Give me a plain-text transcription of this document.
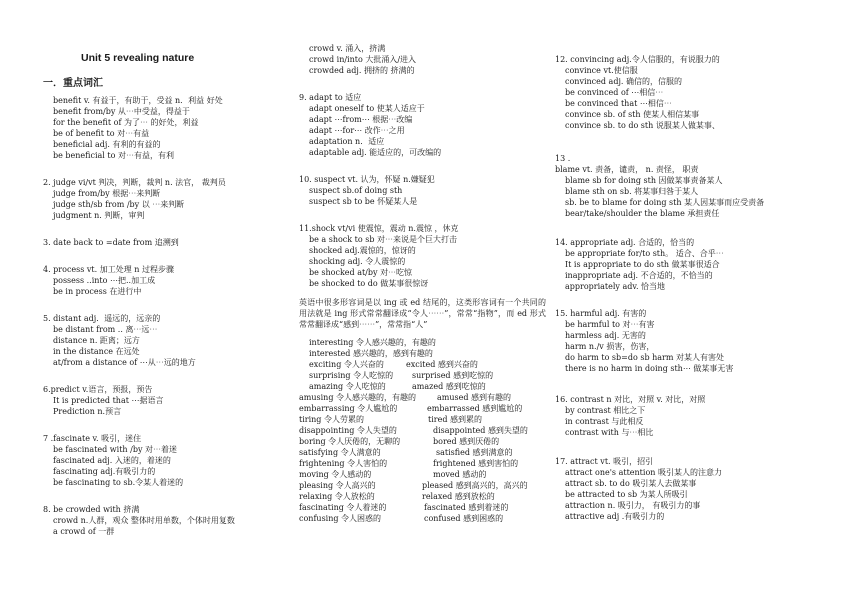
Unit 5 revealing nature
一．重点词汇
benefit v. 有益于，有助于，受益 n．利益 好处
benefit from/by 从⋯中受益，得益于
for the benefit of 为了⋯ 的好处，利益
be of benefit to 对⋯有益
beneficial adj. 有利的有益的
be beneficial to 对⋯有益，有利
2. judge vi/vt 判决，判断，裁判 n. 法官， 裁判员
judge from/by 根据⋯来判断
judge sth/sb from /by 以 ⋯来判断
judgment n. 判断，审判
3. date back to =date from 追溯到
4. process vt. 加工处理 n 过程步骤
possess ..into ⋯把..加工成
be in process 在进行中
5. distant adj．遥远的，远亲的
be distant from .. 离⋯远⋯
distance n. 距离；远方
in the distance 在远处
at/from a distance of ⋯从⋯远的地方
6.predict v.语言，预报，预告
It is predicted that ⋯据语言
Prediction n.预言
7 .fascinate v. 吸引，迷住
be fascinated with /by 对⋯着迷
fascinated adj. 入迷的，着迷的
fascinating adj.有吸引力的
be fascinating to sb.令某人着迷的
8. be crowded with 挤满
crowd n.人群，观众 整体时用单数，个体时用复数
a crowd of 一群
crowd v. 涌入，挤满
crowd in/into 大批涌入/进入
crowded adj. 拥挤的 挤满的
9. adapt to 适应
adapt oneself to 使某人适应于
adapt ⋯from⋯ 根据⋯改编
adapt ⋯for⋯ 改作⋯之用
adaptation n．适应
adaptable adj. 能适应的，可改编的
10. suspect vt. 认为，怀疑 n.嫌疑犯
suspect sb.of doing sth
suspect sb to be 怀疑某人是
11.shock vt/vi 使震惊，震动 n.震惊 ，休克
be a shock to sb 对⋯来说是个巨大打击
shocked adj.震惊的，惊讶的
shocking adj. 令人震惊的
be shocked at/by 对⋯吃惊
be shocked to do 做某事很惊讶
英语中很多形容词是以 ing 或 ed 结尾的，这类形容词有一个共同的用法就是 ing 形式常常翻译成“令人⋯⋯”，常常“指物”，而 ed 形式常常翻译成“感到⋯⋯”，常常指“人”
interesting 令人感兴趣的，有趣的
interested 感兴趣的，感到有趣的
exciting 令人兴奋的	excited 感到兴奋的
surprising 令人吃惊的 surprised 感到吃惊的
amazing 令人吃惊的	amazed 感到吃惊的
amusing 令人感兴趣的，有趣的	amused 感到有趣的
embarrassing 令人尴尬的	embarrassed 感到尴尬的
tiring 令人劳累的	tired 感到累的
disappointing 令人失望的	disappointed 感到失望的
boring 令人厌倦的，无聊的	bored 感到厌倦的
satisfying 令人满意的	satisfied 感到满意的
frightening 令人害怕的	frightened 感到害怕的
moving 令人感动的	moved 感动的
pleasing 令人高兴的	pleased 感到高兴的，高兴的
relaxing 令人放松的	relaxed 感到放松的
fascinating 令人着迷的	fascinated 感到着迷的
confusing 令人困惑的	confused 感到困惑的
12. convincing adj.令人信服的，有说服力的
convince vt.使信服
convinced adj. 确信的，信服的
be convinced of ⋯相信⋯
be convinced that ⋯相信⋯
convince sb. of sth 使某人相信某事
convince sb. to do sth 说服某人做某事、
13 .
blame vt. 责备，谴责， n. 责怪， 职责
blame sb for doing sth 因做某事责备某人
blame sth on sb. 将某事归咎于某人
sb. be to blame for doing sth 某人因某事而应受责备
bear/take/shoulder the blame 承担责任
14. appropriate adj. 合适的，恰当的
be appropriate for/to sth。 适合、合乎⋯
It is appropriate to do sth 做某事很适合
inappropriate adj. 不合适的，不恰当的
appropriately adv. 恰当地
15. harmful adj. 有害的
be harmful to 对⋯有害
harmless adj. 无害的
harm n./v 损害，伤害，
do harm to sb=do sb harm 对某人有害处
there is no harm in doing sth⋯ 做某事无害
16. contrast n 对比，对照 v. 对比，对照
by contrast 相比之下
in contrast 与此相反
contrast with 与⋯相比
17. attract vt. 吸引，招引
attract one's attention 吸引某人的注意力
attract sb. to do 吸引某人去做某事
be attracted to sb 为某人所吸引
attraction n. 吸引力， 有吸引力的事
attractive adj .有吸引力的
